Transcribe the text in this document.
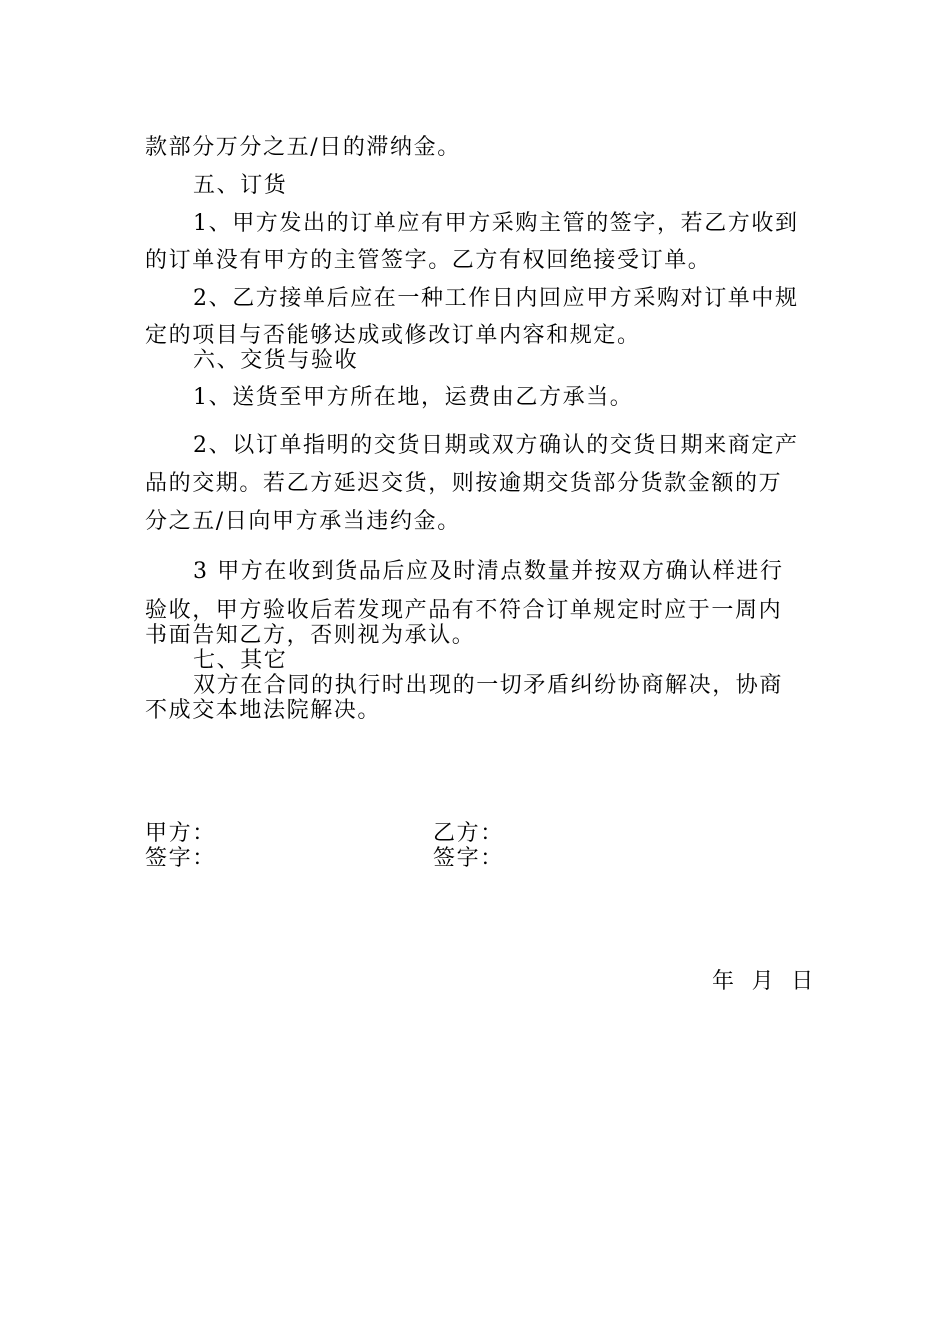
款部分万分之五/日的滞纳金。
五、订货
1、甲方发出的订单应有甲方采购主管的签字，若乙方收到
的订单没有甲方的主管签字。乙方有权回绝接受订单。
2、乙方接单后应在一种工作日内回应甲方采购对订单中规
定的项目与否能够达成或修改订单内容和规定。
六、交货与验收
1、送货至甲方所在地，运费由乙方承当。
2、以订单指明的交货日期或双方确认的交货日期来商定产
品的交期。若乙方延迟交货，则按逾期交货部分货款金额的万
分之五/日向甲方承当违约金。
3 甲方在收到货品后应及时清点数量并按双方确认样进行
验收，甲方验收后若发现产品有不符合订单规定时应于一周内
书面告知乙方，否则视为承认。
七、其它
双方在合同的执行时出现的一切矛盾纠纷协商解决，协商
不成交本地法院解决。
甲方：	乙方：
签字：	签字：
年 月 日
